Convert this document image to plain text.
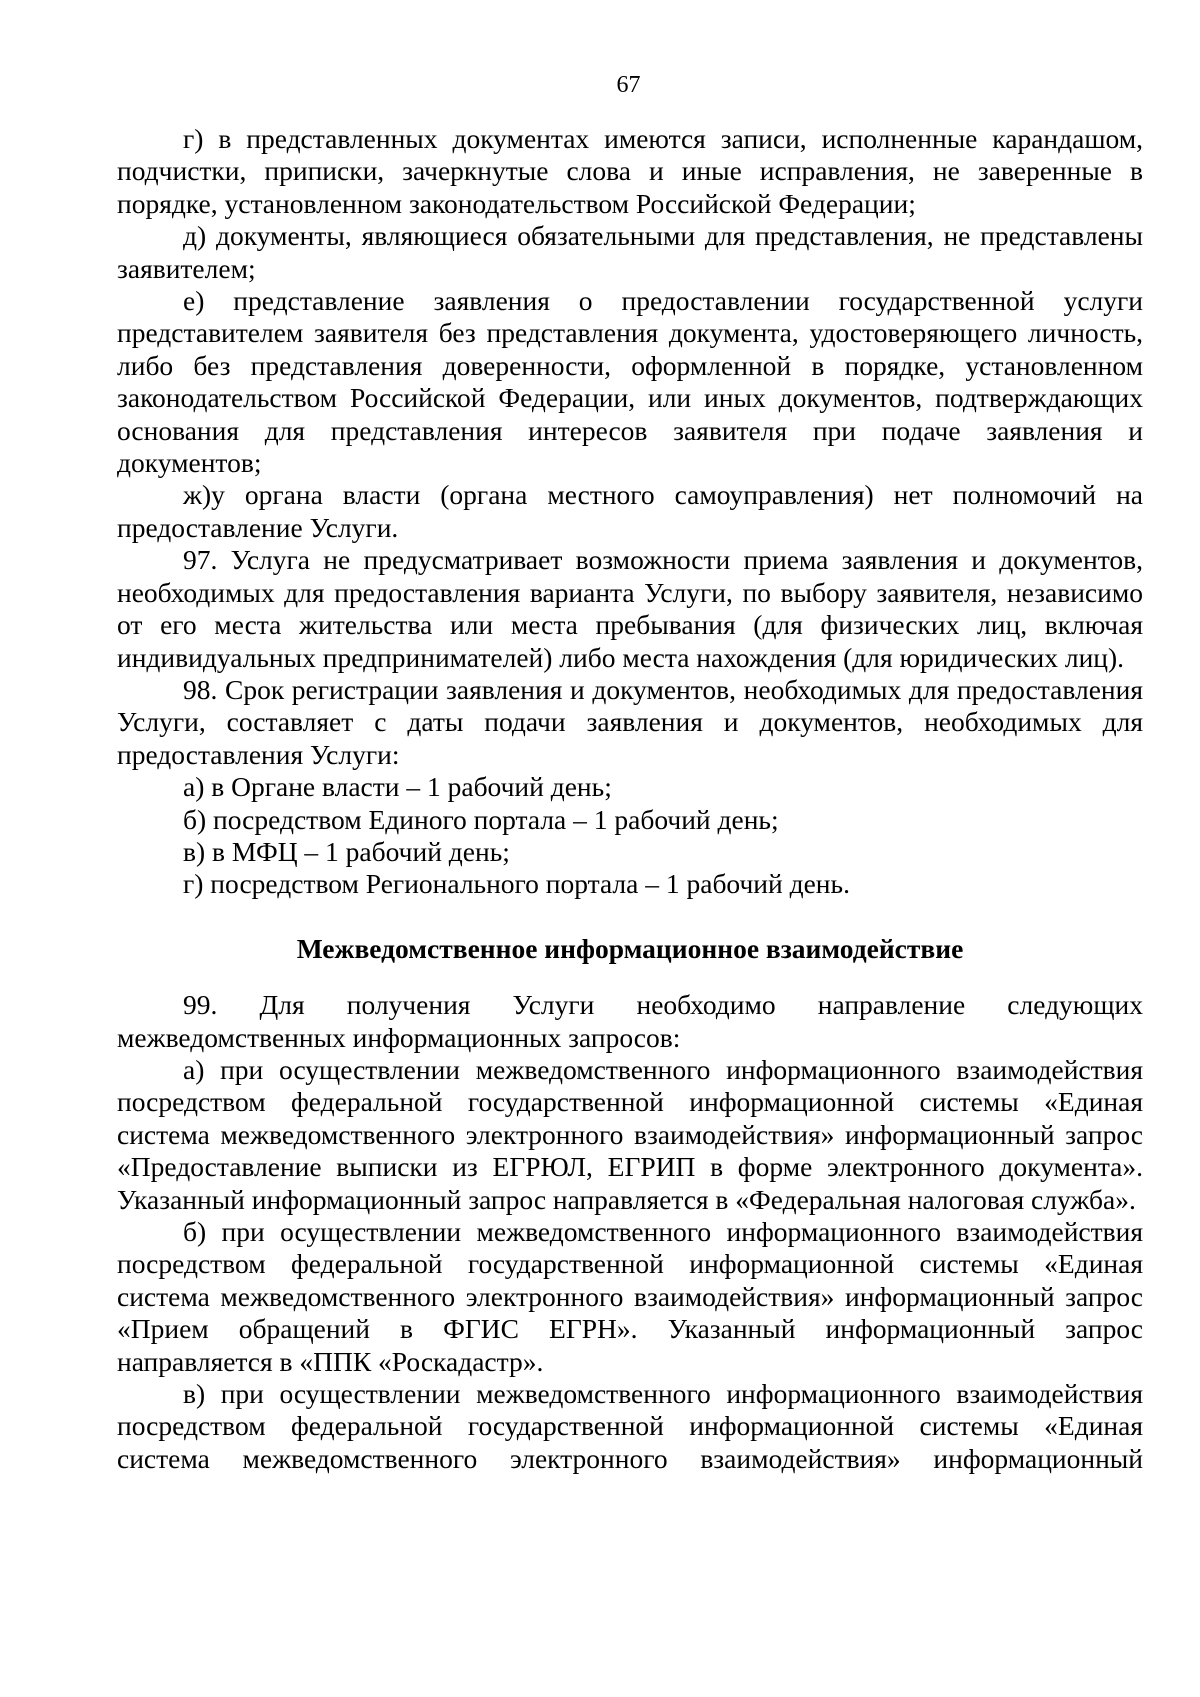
67

г) в представленных документах имеются записи, исполненные карандашом, подчистки, приписки, зачеркнутые слова и иные исправления, не заверенные в порядке, установленном законодательством Российской Федерации;

д) документы, являющиеся обязательными для представления, не представлены заявителем;

е) представление заявления о предоставлении государственной услуги представителем заявителя без представления документа, удостоверяющего личность, либо без представления доверенности, оформленной в порядке, установленном законодательством Российской Федерации, или иных документов, подтверждающих основания для представления интересов заявителя при подаче заявления и документов;

ж)у органа власти (органа местного самоуправления) нет полномочий на предоставление Услуги.

97. Услуга не предусматривает возможности приема заявления и документов, необходимых для предоставления варианта Услуги, по выбору заявителя, независимо от его места жительства или места пребывания (для физических лиц, включая индивидуальных предпринимателей) либо места нахождения (для юридических лиц).

98. Срок регистрации заявления и документов, необходимых для предоставления Услуги, составляет с даты подачи заявления и документов, необходимых для предоставления Услуги:

а) в Органе власти – 1 рабочий день;

б) посредством Единого портала – 1 рабочий день;

в) в МФЦ – 1 рабочий день;

г) посредством Регионального портала – 1 рабочий день.

Межведомственное информационное взаимодействие

99. Для получения Услуги необходимо направление следующих межведомственных информационных запросов:

а) при осуществлении межведомственного информационного взаимодействия посредством федеральной государственной информационной системы «Единая система межведомственного электронного взаимодействия» информационный запрос «Предоставление выписки из ЕГРЮЛ, ЕГРИП в форме электронного документа». Указанный информационный запрос направляется в «Федеральная налоговая служба».

б) при осуществлении межведомственного информационного взаимодействия посредством федеральной государственной информационной системы «Единая система межведомственного электронного взаимодействия» информационный запрос «Прием обращений в ФГИС ЕГРН». Указанный информационный запрос направляется в «ППК «Роскадастр».

в) при осуществлении межведомственного информационного взаимодействия посредством федеральной государственной информационной системы «Единая система межведомственного электронного взаимодействия» информационный
